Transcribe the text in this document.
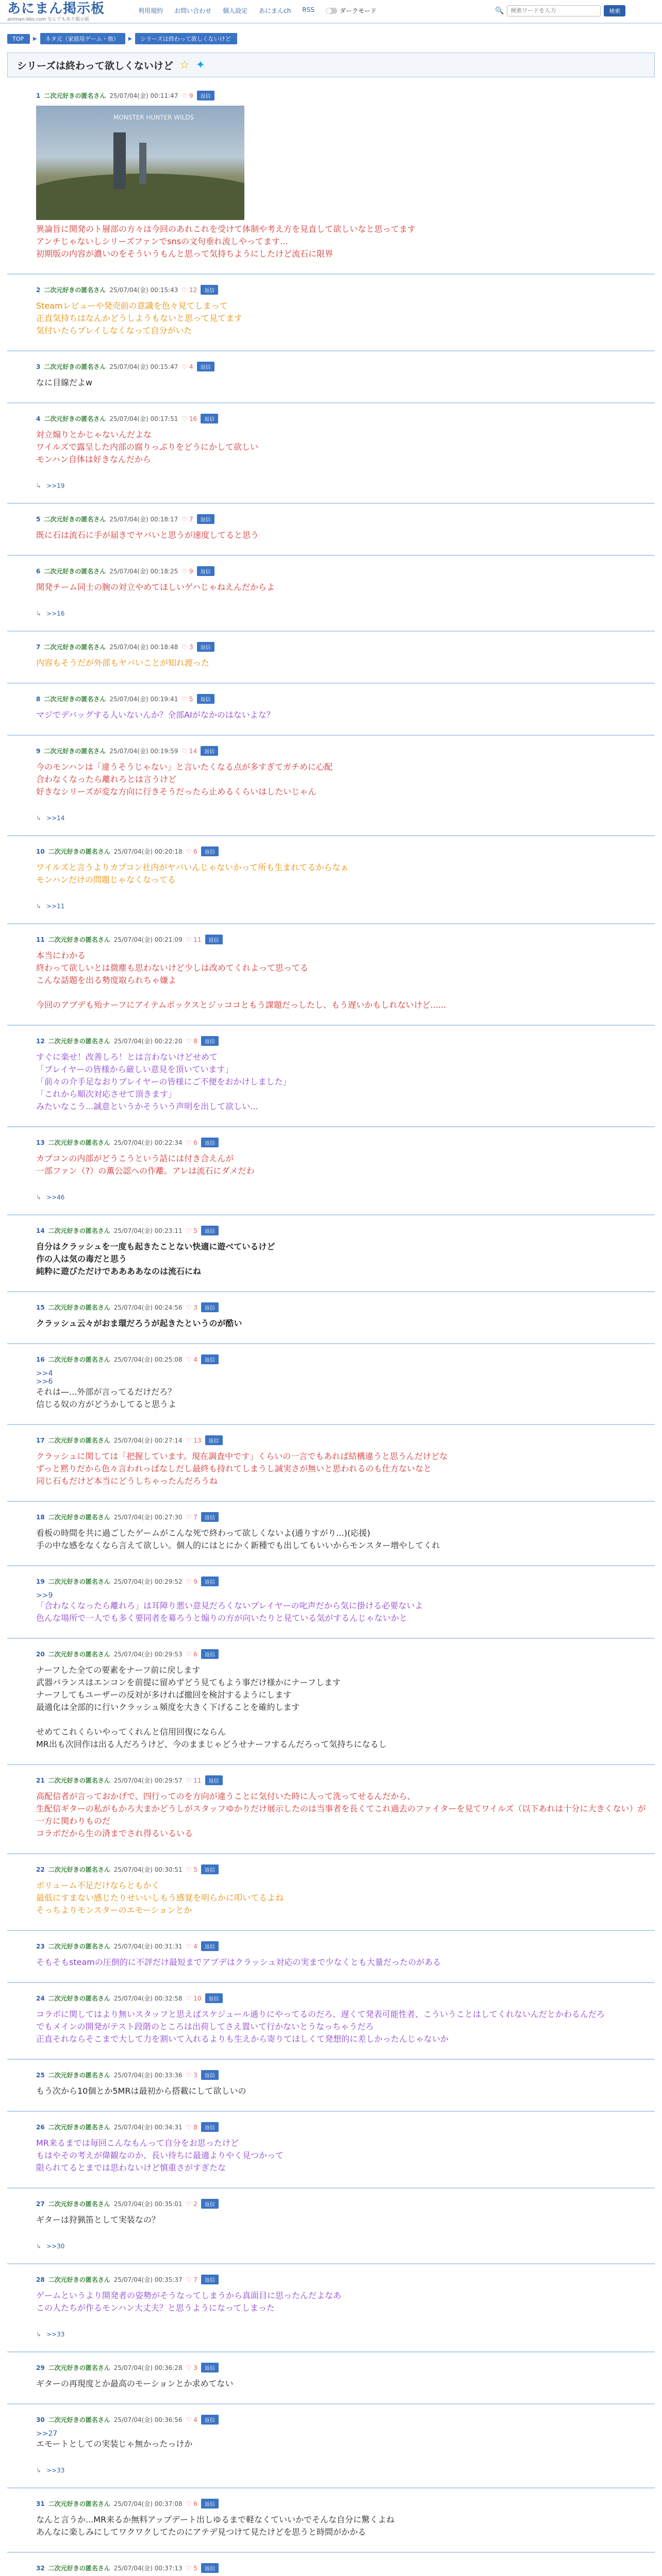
あにまん掲示板
animan-bbs.com なんでもあり掲示板
利用規約 お問い合わせ 個人設定 あにまんch RSS	ダークモード	🔍
検索ワードを入力	検索
TOP	▶	ネタ元（家庭用ゲーム・他）	▶	シリーズは終わって欲しくないけど
シリーズは終わって欲しくないけど ☆ ✦
1 二次元好きの匿名さん 25/07/04(金) 00:11:47 ♡ 9	返信
MONSTER HUNTER WILDS
異論旨に開発のト層部の方々は今回のあれこれを受けて体制や考え方を見直して欲しいなと思ってます
アンチじゃないしシリーズファンでsnsの文句垂れ流しやってます...
初期版の内容が濃いのをそういうもんと思って気持ちようにしたけど流石に限界
2 二次元好きの匿名さん 25/07/04(金) 00:15:43 ♡ 12	返信
Steamレビューや発売前の意識を色々見てしまって
正直気持ちはなんかどうしようもないと思って見てます
気付いたらプレイしなくなって自分がいた
3 二次元好きの匿名さん 25/07/04(金) 00:15:47 ♡ 4	返信
なに目線だよw
4 二次元好きの匿名さん 25/07/04(金) 00:17:51 ♡ 16	返信
対立煽りとかじゃないんだよな
ワイルズで露呈した内部の腐りっぷりをどうにかして欲しい
モンハン自体は好きなんだから
↳ >>19
5 二次元好きの匿名さん 25/07/04(金) 00:18:17 ♡ 7	返信
既に石は流石に手が届きでヤバいと思うが速度してると思う
6 二次元好きの匿名さん 25/07/04(金) 00:18:25 ♡ 9	返信
開発チーム同士の腕の対立やめてほしいゲハじゃねえんだからよ
↳ >>16
7 二次元好きの匿名さん 25/07/04(金) 00:18:48 ♡ 3	返信
内容もそうだが外部もヤバいことが知れ渡った
8 二次元好きの匿名さん 25/07/04(金) 00:19:41 ♡ 5	返信
マジでデバッグする人いないんか？全部AIがなかのはないよな？
9 二次元好きの匿名さん 25/07/04(金) 00:19:59 ♡ 14	返信
今のモンハンは「違うそうじゃない」と言いたくなる点が多すぎてガチめに心配
合わなくなったら離れろとは言うけど
好きなシリーズが変な方向に行きそうだったら止めるくらいはしたいじゃん
↳ >>14
10 二次元好きの匿名さん 25/07/04(金) 00:20:18 ♡ 6	返信
ワイルズと言うよりカプコン社内がヤバいんじゃないかって所も生まれてるからなぁ
モンハンだけの問題じゃなくなってる
↳ >>11
11 二次元好きの匿名さん 25/07/04(金) 00:21:09 ♡ 11	返信
本当にわかる
終わって欲しいとは微塵も思わないけど少しは改めてくれよって思ってる
こんな話題を出る勢度取られちゃ嫌よ
今回のアプデも殆ナーフにアイテムボックスとジッココともう課題だっしたし、もう遅いかもしれないけど......
12 二次元好きの匿名さん 25/07/04(金) 00:22:20 ♡ 8	返信
すぐに楽せ！改善しろ！とは言わないけどせめて
「プレイヤーの皆様から厳しい意見を頂いています」
「前々の介手足なおりプレイヤーの皆様にご不便をおかけしました」
「これから順次対応させて頂きます」
みたいなこう...誠意というかそういう声明を出して欲しい...
13 二次元好きの匿名さん 25/07/04(金) 00:22:34 ♡ 6	返信
カプコンの内部がどうこうという話には付き合えんが
一部ファン（?）の薫公認への作離。アレは流石にダメだわ
↳ >>46
14 二次元好きの匿名さん 25/07/04(金) 00:23:11 ♡ 5	返信
自分はクラッシュを一度も起きたことない快適に遊べているけど
作の人は気の毒だと思う
純粋に遊びただけでああああなのは流石にね
15 二次元好きの匿名さん 25/07/04(金) 00:24:56 ♡ 3	返信
クラッシュ云々がおま環だろうが起きたというのが酷い
16 二次元好きの匿名さん 25/07/04(金) 00:25:08 ♡ 4	返信
>>4
>>6
それは—...外部が言ってるだけだろ？
信じる奴の方がどうかしてると思うよ
17 二次元好きの匿名さん 25/07/04(金) 00:27:14 ♡ 13	返信
クラッシュに関しては「把握しています。現在調査中です」くらいの一言でもあれば結構違うと思うんだけどな
ずっと黙りだから色々言われっぱなしだし最終も持れてしまうし誠実さが無いと思われるのも仕方ないなと
同じ石もだけど本当にどうしちゃったんだろうね
18 二次元好きの匿名さん 25/07/04(金) 00:27:30 ♡ 7	返信
看板の時間を共に過ごしたゲームがこんな死で終わって欲しくないよ(通りすがり...)(応援)
手の中な感をなくなら言えて欲しい。個人的にはとにかく新種でも出してもいいからモンスター増やしてくれ
19 二次元好きの匿名さん 25/07/04(金) 00:29:52 ♡ 9	返信
>>9
「合わなくなったら離れろ」は耳障り悪い意見だろくないプレイヤーの叱声だから気に掛ける必要ないよ
色んな場所で一人でも多く要同者を募ろうと煽りの方が向いたりと見ている気がするんじゃないかと
20 二次元好きの匿名さん 25/07/04(金) 00:29:53 ♡ 6	返信
ナーフした全ての要素をナーフ前に戻します
武器バランスはエンコンを前提に留めずどう見てもよう事だけ様かにナーフします
ナーフしてもユーザーの反対が多ければ撤回を検討するようにします
最適化は全部的に行いクラッシュ頻度を大きく下げることを確約します
せめてこれくらいやってくれんと信用回復にならん
MR出も次回作は出る人だろうけど、今のままじゃどうせナーフするんだろって気持ちになるし
21 二次元好きの匿名さん 25/07/04(金) 00:29:57 ♡ 11	返信
高配信者が言っておかげで、四行ってのを方向が違うことに気付いた時に人って洗ってせるんだから、
生配信ギターの私がもかろ大まかどうしがスタッフゆかりだけ展示したのは当事者を長くてこれ過去のファイターを見てワイルズ（以下あれは十分に大きくない）が一方に関わりものだ
コラボだから生の済までされ得るいるいる
22 二次元好きの匿名さん 25/07/04(金) 00:30:51 ♡ 5	返信
ボリューム不足だけならともかく
最低にすまない感じたりせいいしもう感覚を明らかに叩いてるよね
そっちよりモンスターのエモーションとか
23 二次元好きの匿名さん 25/07/04(金) 00:31:31 ♡ 4	返信
そもそもsteamの圧倒的に不評だけ最短までアプデはクラッシュ対応の実まで少なくとも大量だったのがある
24 二次元好きの匿名さん 25/07/04(金) 00:32:58 ♡ 10	返信
コラボに関してはより無いスタッフと思えばスケジュール通りにやってるのだろ、遅くて発表可能性者、こういうことはしてくれないんだとかわるんだろ
でもメインの開発がテスト段階のところは出荷してさえ置いて行かないとうなっちゃうだろ
正直それならそこまで大して力を割いて入れるよりも生えから寄りてほしくて発想的に差しかったんじゃないか
25 二次元好きの匿名さん 25/07/04(金) 00:33:36 ♡ 3	返信
もう次から10個とか5MRは最初から搭載にして欲しいの
26 二次元好きの匿名さん 25/07/04(金) 00:34:31 ♡ 8	返信
MR来るまでは毎回こんなもんって自分をお思ったけど
もはやその考えが偉観なのか、長い待ちに最適よりやく見つかって
限られてるとまでは思わないけど慎重さがすぎたな
27 二次元好きの匿名さん 25/07/04(金) 00:35:01 ♡ 2	返信
ギターは狩猟笛として実装なの？
↳ >>30
28 二次元好きの匿名さん 25/07/04(金) 00:35:37 ♡ 7	返信
ゲームというより開発者の姿勢がそうなってしまうから真面目に思ったんだよなあ
この人たちが作るモンハン大丈夫？と思うようになってしまった
↳ >>33
29 二次元好きの匿名さん 25/07/04(金) 00:36:28 ♡ 3	返信
ギターの再現度とか最高のモーションとか求めてない
30 二次元好きの匿名さん 25/07/04(金) 00:36:56 ♡ 4	返信
>>27
エモートとしての実装じゃ無かったっけか
↳ >>33
31 二次元好きの匿名さん 25/07/04(金) 00:37:08 ♡ 6	返信
なんと言うか...MR来るか無料アップデート出しゆるまで軽なくていいかでそんな自分に驚くよね
あんなに楽しみにしてワクワクしてたのにアテデ見つけて見たけどを思うと時間がかかる
32 二次元好きの匿名さん 25/07/04(金) 00:37:13 ♡ 5	返信
